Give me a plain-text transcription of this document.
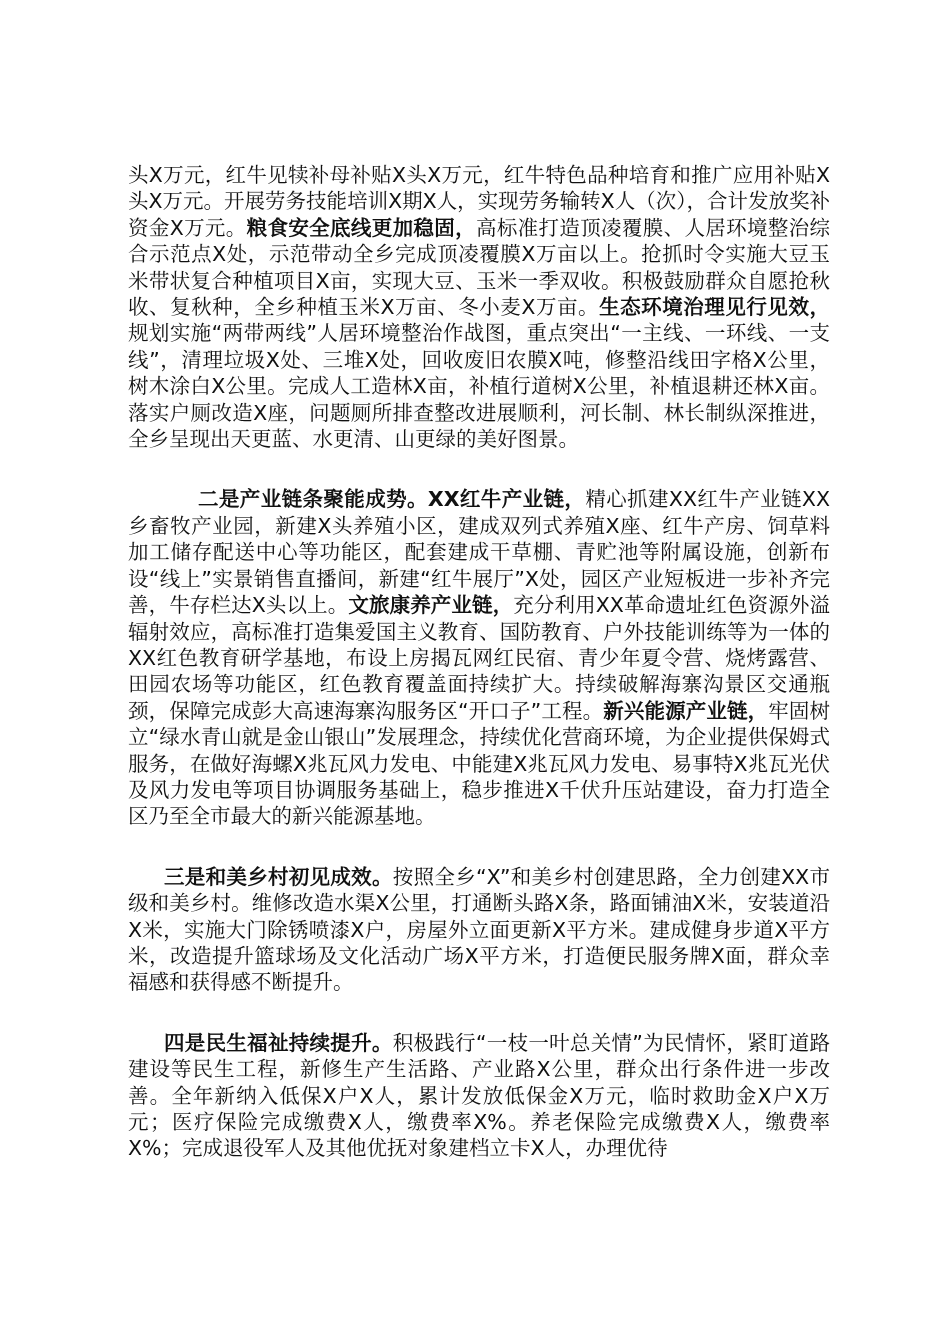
头X万元，红牛见犊补母补贴X头X万元，红牛特色品种培育和推广应用补贴X头X万元。开展劳务技能培训X期X人，实现劳务输转X人（次），合计发放奖补资金X万元。粮食安全底线更加稳固，高标准打造顶凌覆膜、人居环境整治综合示范点X处，示范带动全乡完成顶凌覆膜X万亩以上。抢抓时令实施大豆玉米带状复合种植项目X亩，实现大豆、玉米一季双收。积极鼓励群众自愿抢秋收、复秋种，全乡种植玉米X万亩、冬小麦X万亩。生态环境治理见行见效，规划实施“两带两线”人居环境整治作战图，重点突出“一主线、一环线、一支线”，清理垃圾X处、三堆X处，回收废旧农膜X吨，修整沿线田字格X公里，树木涂白X公里。完成人工造林X亩，补植行道树X公里，补植退耕还林X亩。落实户厕改造X座，问题厕所排查整改进展顺利，河长制、林长制纵深推进，全乡呈现出天更蓝、水更清、山更绿的美好图景。

二是产业链条聚能成势。XX红牛产业链，精心抓建XX红牛产业链XX乡畜牧产业园，新建X头养殖小区，建成双列式养殖X座、红牛产房、饲草料加工储存配送中心等功能区，配套建成干草棚、青贮池等附属设施，创新布设“线上”实景销售直播间，新建“红牛展厅”X处，园区产业短板进一步补齐完善，牛存栏达X头以上。文旅康养产业链，充分利用XX革命遗址红色资源外溢辐射效应，高标准打造集爱国主义教育、国防教育、户外技能训练等为一体的XX红色教育研学基地，布设上房揭瓦网红民宿、青少年夏令营、烧烤露营、田园农场等功能区，红色教育覆盖面持续扩大。持续破解海寨沟景区交通瓶颈，保障完成彭大高速海寨沟服务区“开口子”工程。新兴能源产业链，牢固树立“绿水青山就是金山银山”发展理念，持续优化营商环境，为企业提供保姆式服务，在做好海螺X兆瓦风力发电、中能建X兆瓦风力发电、易事特X兆瓦光伏及风力发电等项目协调服务基础上，稳步推进X千伏升压站建设，奋力打造全区乃至全市最大的新兴能源基地。

三是和美乡村初见成效。按照全乡“X”和美乡村创建思路，全力创建XX市级和美乡村。维修改造水渠X公里，打通断头路X条，路面铺油X米，安装道沿X米，实施大门除锈喷漆X户，房屋外立面更新X平方米。建成健身步道X平方米，改造提升篮球场及文化活动广场X平方米，打造便民服务牌X面，群众幸福感和获得感不断提升。

四是民生福祉持续提升。积极践行“一枝一叶总关情”为民情怀，紧盯道路建设等民生工程，新修生产生活路、产业路X公里，群众出行条件进一步改善。全年新纳入低保X户X人，累计发放低保金X万元，临时救助金X户X万元；医疗保险完成缴费X人，缴费率X%。养老保险完成缴费X人，缴费率X%；完成退役军人及其他优抚对象建档立卡X人，办理优待
